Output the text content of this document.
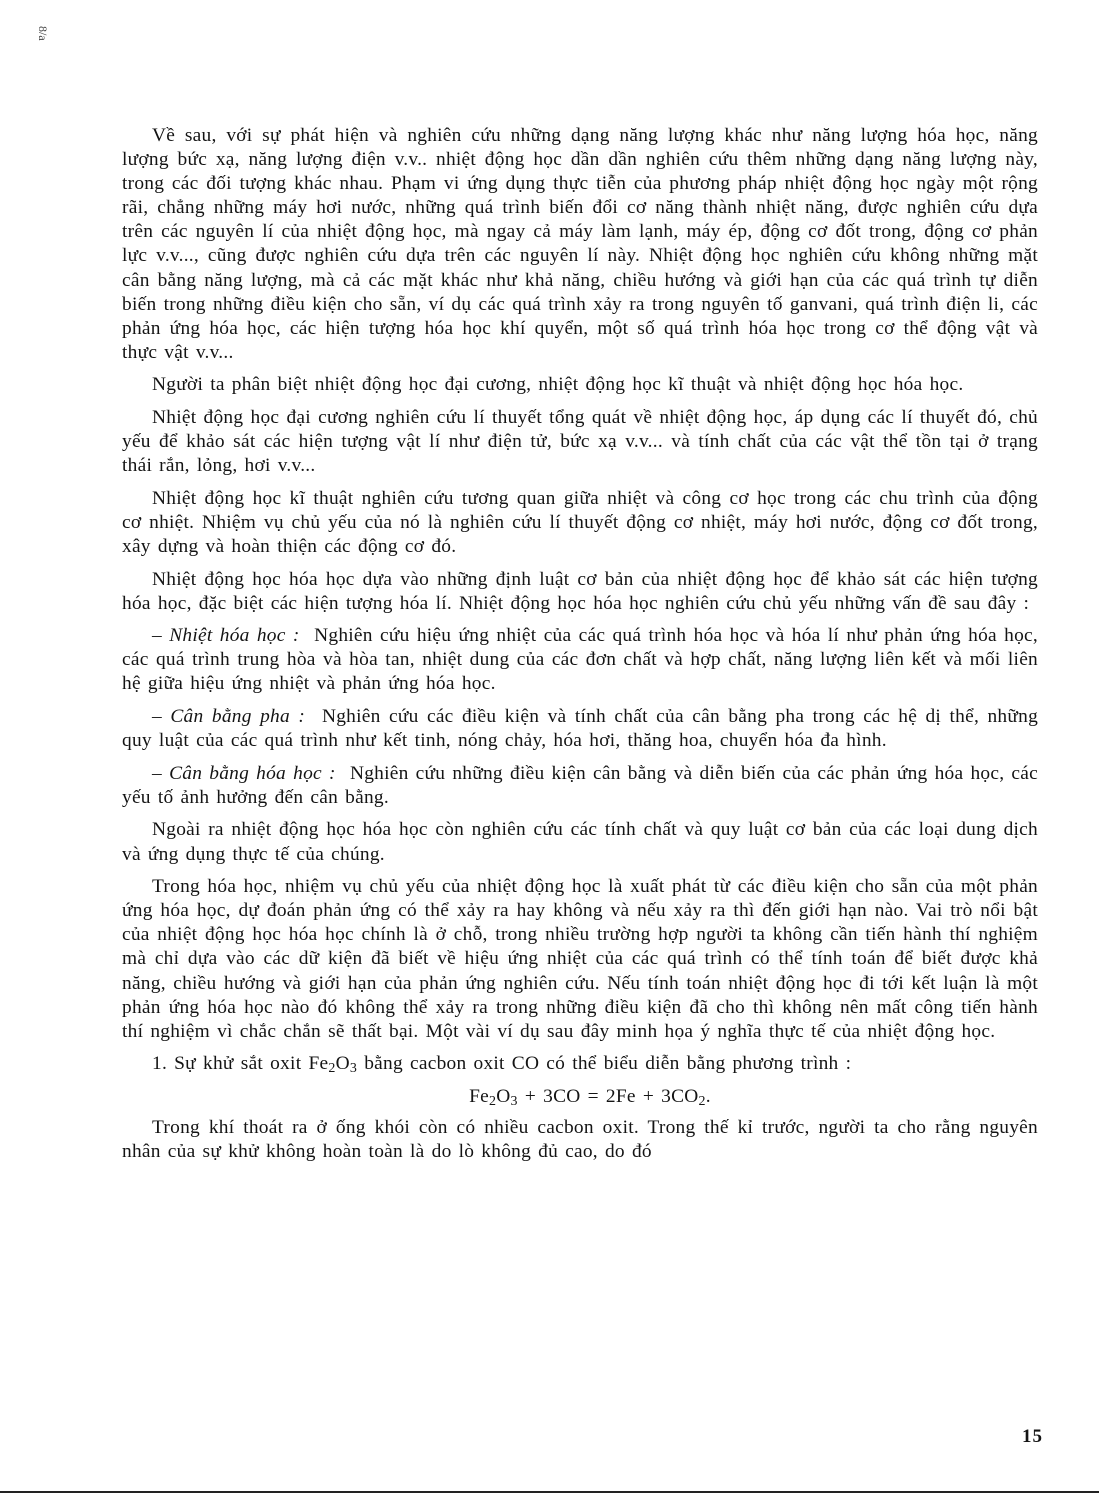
8/a

Về sau, với sự phát hiện và nghiên cứu những dạng năng lượng khác như năng lượng hóa học, năng lượng bức xạ, năng lượng điện v.v.. nhiệt động học dần dần nghiên cứu thêm những dạng năng lượng này, trong các đối tượng khác nhau. Phạm vi ứng dụng thực tiễn của phương pháp nhiệt động học ngày một rộng rãi, chẳng những máy hơi nước, những quá trình biến đổi cơ năng thành nhiệt năng, được nghiên cứu dựa trên các nguyên lí của nhiệt động học, mà ngay cả máy làm lạnh, máy ép, động cơ đốt trong, động cơ phản lực v.v..., cũng được nghiên cứu dựa trên các nguyên lí này. Nhiệt động học nghiên cứu không những mặt cân bằng năng lượng, mà cả các mặt khác như khả năng, chiều hướng và giới hạn của các quá trình tự diễn biến trong những điều kiện cho sẵn, ví dụ các quá trình xảy ra trong nguyên tố ganvani, quá trình điện li, các phản ứng hóa học, các hiện tượng hóa học khí quyển, một số quá trình hóa học trong cơ thể động vật và thực vật v.v...

Người ta phân biệt nhiệt động học đại cương, nhiệt động học kĩ thuật và nhiệt động học hóa học.

Nhiệt động học đại cương nghiên cứu lí thuyết tổng quát về nhiệt động học, áp dụng các lí thuyết đó, chủ yếu để khảo sát các hiện tượng vật lí như điện tử, bức xạ v.v... và tính chất của các vật thể tồn tại ở trạng thái rắn, lỏng, hơi v.v...

Nhiệt động học kĩ thuật nghiên cứu tương quan giữa nhiệt và công cơ học trong các chu trình của động cơ nhiệt. Nhiệm vụ chủ yếu của nó là nghiên cứu lí thuyết động cơ nhiệt, máy hơi nước, động cơ đốt trong, xây dựng và hoàn thiện các động cơ đó.

Nhiệt động học hóa học dựa vào những định luật cơ bản của nhiệt động học để khảo sát các hiện tượng hóa học, đặc biệt các hiện tượng hóa lí. Nhiệt động học hóa học nghiên cứu chủ yếu những vấn đề sau đây :

– Nhiệt hóa học : Nghiên cứu hiệu ứng nhiệt của các quá trình hóa học và hóa lí như phản ứng hóa học, các quá trình trung hòa và hòa tan, nhiệt dung của các đơn chất và hợp chất, năng lượng liên kết và mối liên hệ giữa hiệu ứng nhiệt và phản ứng hóa học.

– Cân bằng pha : Nghiên cứu các điều kiện và tính chất của cân bằng pha trong các hệ dị thể, những quy luật của các quá trình như kết tinh, nóng chảy, hóa hơi, thăng hoa, chuyển hóa đa hình.

– Cân bằng hóa học : Nghiên cứu những điều kiện cân bằng và diễn biến của các phản ứng hóa học, các yếu tố ảnh hưởng đến cân bằng.

Ngoài ra nhiệt động học hóa học còn nghiên cứu các tính chất và quy luật cơ bản của các loại dung dịch và ứng dụng thực tế của chúng.

Trong hóa học, nhiệm vụ chủ yếu của nhiệt động học là xuất phát từ các điều kiện cho sẵn của một phản ứng hóa học, dự đoán phản ứng có thể xảy ra hay không và nếu xảy ra thì đến giới hạn nào. Vai trò nổi bật của nhiệt động học hóa học chính là ở chỗ, trong nhiều trường hợp người ta không cần tiến hành thí nghiệm mà chỉ dựa vào các dữ kiện đã biết về hiệu ứng nhiệt của các quá trình có thể tính toán để biết được khả năng, chiều hướng và giới hạn của phản ứng nghiên cứu. Nếu tính toán nhiệt động học đi tới kết luận là một phản ứng hóa học nào đó không thể xảy ra trong những điều kiện đã cho thì không nên mất công tiến hành thí nghiệm vì chắc chắn sẽ thất bại. Một vài ví dụ sau đây minh họa ý nghĩa thực tế của nhiệt động học.

1. Sự khử sắt oxit $Fe_2O_3$ bằng cacbon oxit CO có thể biểu diễn bằng phương trình :

$Fe_2O_3 + 3CO = 2Fe + 3CO_2$.

Trong khí thoát ra ở ống khói còn có nhiều cacbon oxit. Trong thế kỉ trước, người ta cho rằng nguyên nhân của sự khử không hoàn toàn là do lò không đủ cao, do đó

15
